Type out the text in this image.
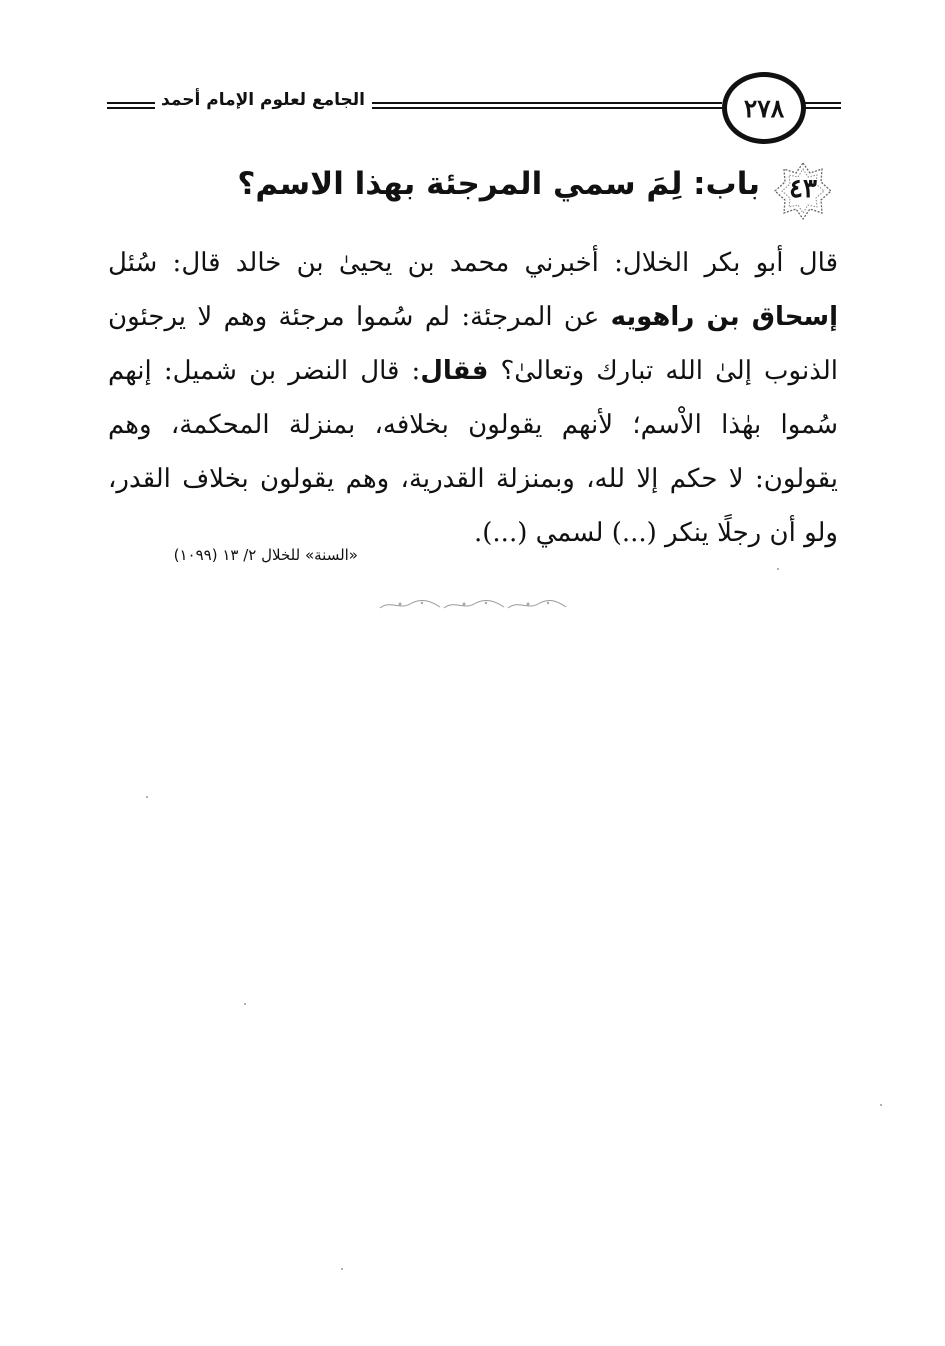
الجامع لعلوم الإمام أحمد	٢٧٨
٤٣
باب: لِمَ سمي المرجئة بهذا الاسم؟
قال أبو بكر الخلال: أخبرني محمد بن يحيىٰ بن خالد قال: سُئل إسحاق بن راهويه عن المرجئة: لم سُموا مرجئة وهم لا يرجئون الذنوب إلىٰ الله تبارك وتعالىٰ؟ فقال: قال النضر بن شميل: إنهم سُموا بهٰذا الاْسم؛ لأنهم يقولون بخلافه، بمنزلة المحكمة، وهم يقولون: لا حكم إلا لله، وبمنزلة القدرية، وهم يقولون بخلاف القدر، ولو أن رجلًا ينكر (...) لسمي (...).
«السنة» للخلال ٢/ ١٣ (١٠٩٩)
